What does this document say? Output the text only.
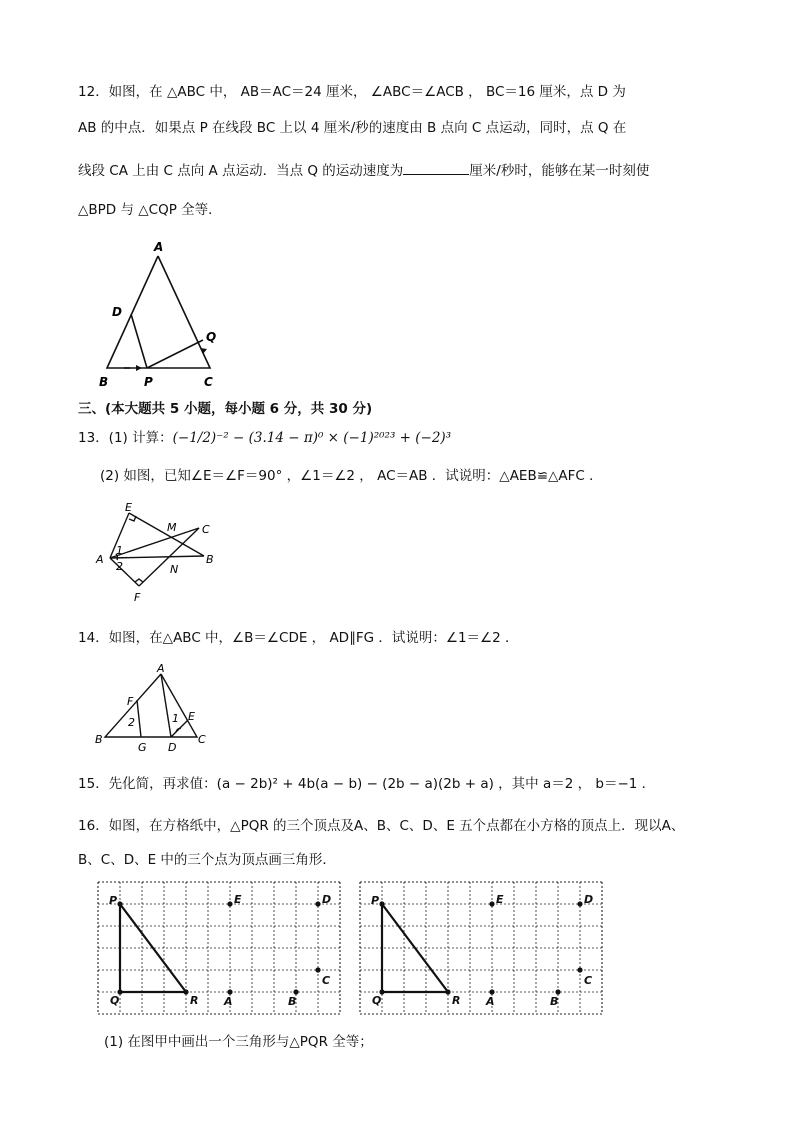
12．如图，在 △ABC 中， AB＝AC＝24 厘米， ∠ABC＝∠ACB ， BC＝16 厘米，点 D 为
AB 的中点．如果点 P 在线段 BC 上以 4 厘米/秒的速度由 B 点向 C 点运动，同时，点 Q 在
线段 CA 上由 C 点向 A 点运动．当点 Q 的运动速度为	厘米/秒时，能够在某一时刻使
△BPD 与 △CQP 全等．
A
D
Q
B	P	C
三、(本大题共 5 小题，每小题 6 分，共 30 分)
13．(1) 计算：(−1/2)⁻² − (3.14 − π)⁰ × (−1)²⁰²³ + (−2)³
(2) 如图，已知∠E＝∠F＝90° ，∠1＝∠2 ， AC＝AB ．试说明：△AEB≌△AFC ．
E
M C
A	B
N
F
1
2
14．如图，在△ABC 中，∠B＝∠CDE ， AD∥FG ．试说明：∠1＝∠2 ．
A
F
E
B
G D
C
2	1
15．先化简，再求值：(a − 2b)² + 4b(a − b) − (2b − a)(2b + a) ，其中 a＝2 ， b＝−1 ．
16．如图，在方格纸中，△PQR 的三个顶点及A、B、C、D、E 五个点都在小方格的顶点上．现以A、
B、C、D、E 中的三个点为顶点画三角形．
P
Q	R
E	D
C
A	B
P
Q	R
E	D
C
A	B
(1) 在图甲中画出一个三角形与△PQR 全等；
